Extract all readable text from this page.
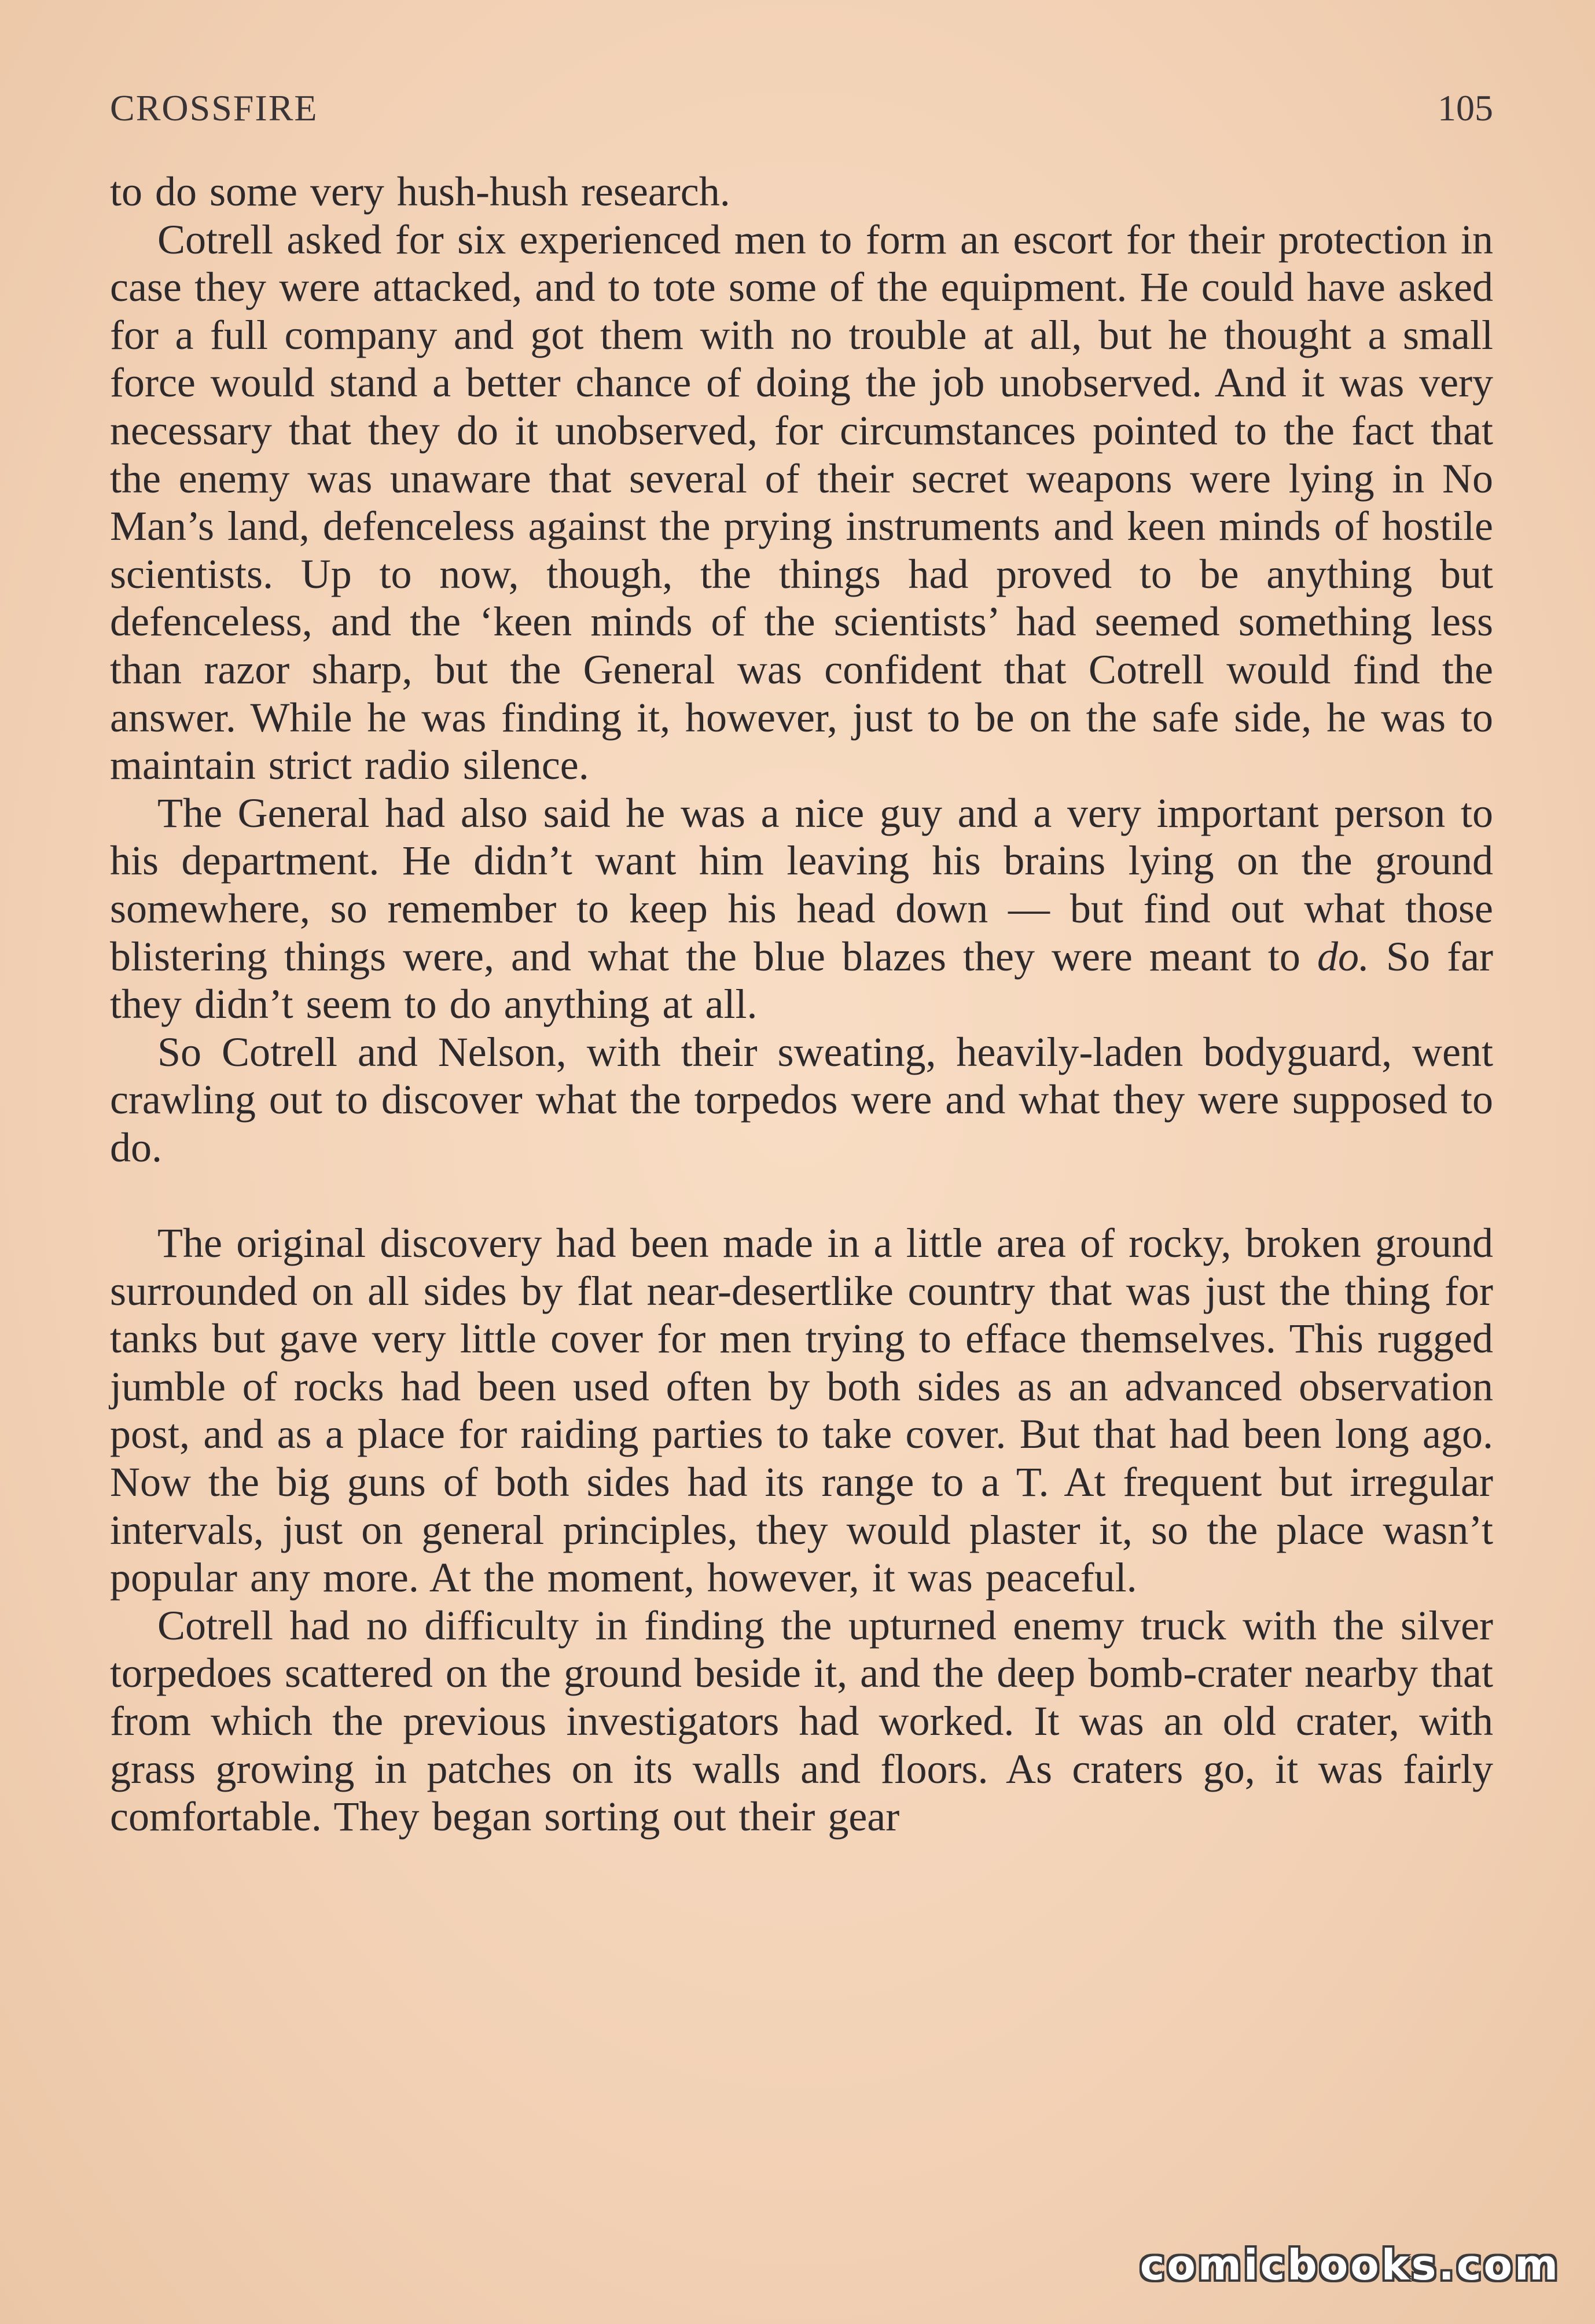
CROSSFIRE	105

to do some very hush-hush research.

Cotrell asked for six experienced men to form an escort for their protection in case they were attacked, and to tote some of the equipment. He could have asked for a full company and got them with no trouble at all, but he thought a small force would stand a better chance of doing the job unobserved. And it was very necessary that they do it unobserved, for circumstances pointed to the fact that the enemy was unaware that several of their secret weapons were lying in No Man’s land, defenceless against the prying instruments and keen minds of hostile scientists. Up to now, though, the things had proved to be anything but defenceless, and the ‘keen minds of the scientists’ had seemed something less than razor sharp, but the General was confident that Cotrell would find the answer. While he was finding it, however, just to be on the safe side, he was to maintain strict radio silence.

The General had also said he was a nice guy and a very important person to his department. He didn’t want him leaving his brains lying on the ground somewhere, so remember to keep his head down — but find out what those blistering things were, and what the blue blazes they were meant to do. So far they didn’t seem to do anything at all.

So Cotrell and Nelson, with their sweating, heavily-laden bodyguard, went crawling out to discover what the torpedos were and what they were supposed to do.

The original discovery had been made in a little area of rocky, broken ground surrounded on all sides by flat near-desertlike country that was just the thing for tanks but gave very little cover for men trying to efface themselves. This rugged jumble of rocks had been used often by both sides as an advanced observation post, and as a place for raiding parties to take cover. But that had been long ago. Now the big guns of both sides had its range to a T. At frequent but irregular intervals, just on general principles, they would plaster it, so the place wasn’t popular any more. At the moment, however, it was peaceful.

Cotrell had no difficulty in finding the upturned enemy truck with the silver torpedoes scattered on the ground beside it, and the deep bomb-crater nearby that from which the previous investigators had worked. It was an old crater, with grass growing in patches on its walls and floors. As craters go, it was fairly comfortable. They began sorting out their gear

comicbooks.com
